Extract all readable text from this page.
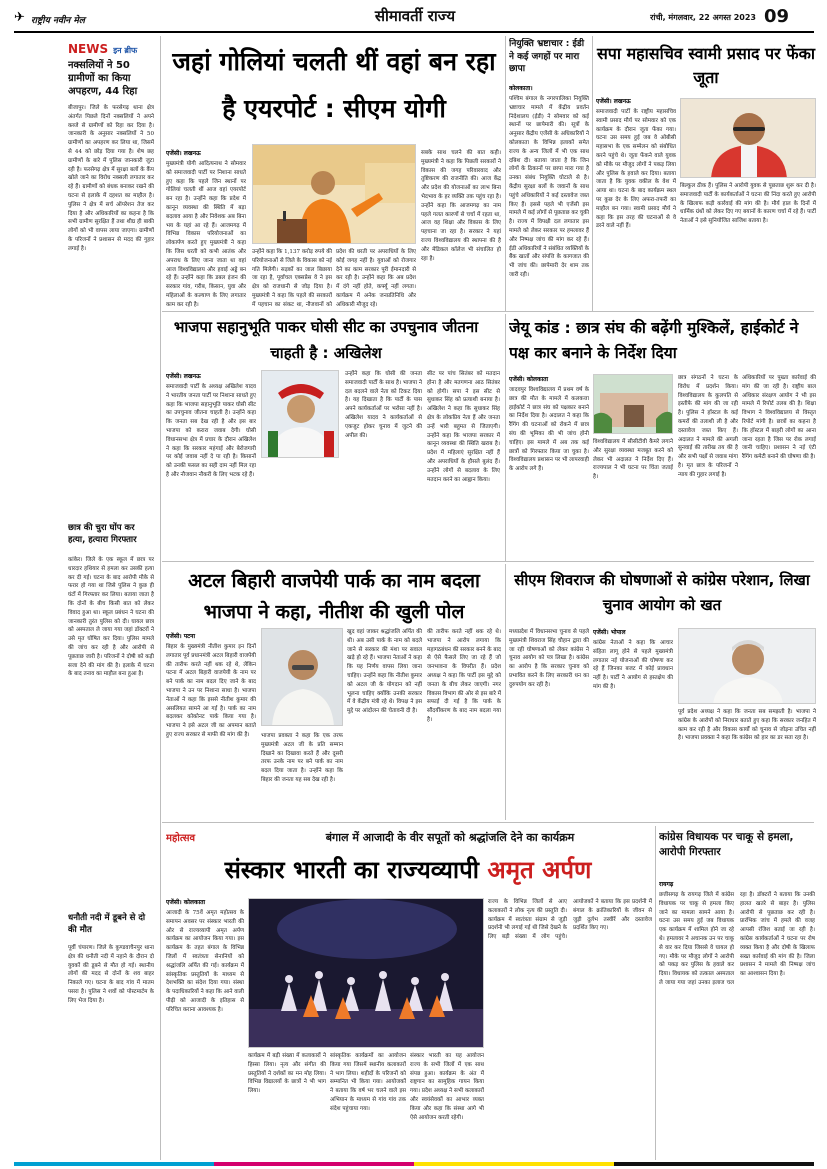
✈ राष्ट्रीय नवीन मेल	सीमावर्ती राज्य	रांची, मंगलवार, 22 अगस्त 2023 09
NEWS इन ब्रीफ
नक्सलियों ने 50 ग्रामीणों का किया अपहरण, 44 रिहा
बीजापुर। जिले के फरसेगढ़ थाना क्षेत्र अंतर्गत पिछले दिनों नक्सलियों ने अपने कब्जे से ग्रामीणों को रिहा कर दिया है। जानकारी के अनुसार नक्सलियों ने 50 ग्रामीणों का अपहरण कर लिया था, जिसमें से 44 को छोड़ दिया गया है। शेष छह ग्रामीणों के बारे में पुलिस जानकारी जुटा रही है। फरसेगढ़ क्षेत्र में सुरक्षा बलों के कैंप खोले जाने का विरोध नक्सली लगातार कर रहे हैं। ग्रामीणों को बंधक बनाकर रखने की घटना से इलाके में दहशत का माहौल है। पुलिस ने क्षेत्र में सर्च ऑपरेशन तेज कर दिया है और अधिकारियों का कहना है कि सभी ग्रामीण सुरक्षित हैं तथा शीघ्र ही बाकी लोगों को भी वापस लाया जाएगा। ग्रामीणों के परिजनों ने प्रशासन से मदद की गुहार लगाई है।
छात्र की चुरा घोंप कर हत्या, हत्यारा गिरफ्तार
कांकेर। जिले के एक स्कूल में छात्र पर धारदार हथियार से हमला कर उसकी हत्या कर दी गई। घटना के बाद आरोपी मौके से फरार हो गया था जिसे पुलिस ने कुछ ही घंटों में गिरफ्तार कर लिया। बताया जाता है कि दोनों के बीच किसी बात को लेकर विवाद हुआ था। स्कूल प्रबंधन ने घटना की जानकारी तुरंत पुलिस को दी। घायल छात्र को अस्पताल ले जाया गया जहां डॉक्टरों ने उसे मृत घोषित कर दिया। पुलिस मामले की जांच कर रही है और आरोपी से पूछताछ जारी है। परिजनों ने दोषी को कड़ी सजा देने की मांग की है। इलाके में घटना के बाद तनाव का माहौल बना हुआ है।
धनौती नदी में डूबने से दो की मौत
पूर्वी चंपारण। जिले के कुण्डवाचैनपुर थाना क्षेत्र की धनौती नदी में नहाने के दौरान दो युवकों की डूबने से मौत हो गई। स्थानीय लोगों की मदद से दोनों के शव बाहर निकाले गए। घटना के बाद गांव में मातम पसरा है। पुलिस ने शवों को पोस्टमार्टम के लिए भेज दिया है।
जहां गोलियां चलती थीं वहां बन रहा है एयरपोर्ट : सीएम योगी
एजेंसी। लखनऊ
मुख्यमंत्री योगी आदित्यनाथ ने सोमवार को समाजवादी पार्टी पर निशाना साधते हुए कहा कि पहले जिन स्थानों पर गोलियां चलती थीं आज वहां एयरपोर्ट बन रहा है। उन्होंने कहा कि प्रदेश में कानून व्यवस्था की स्थिति में बड़ा बदलाव आया है और निवेशक अब बिना भय के यहां आ रहे हैं। आजमगढ़ में विभिन्न विकास परियोजनाओं का लोकार्पण करते हुए मुख्यमंत्री ने कहा कि जिस धरती को कभी आतंक और अपराध के लिए जाना जाता था वहां आज विश्वविद्यालय और हवाई अड्डे बन रहे हैं। उन्होंने कहा कि डबल इंजन की सरकार गांव, गरीब, किसान, युवा और महिलाओं के कल्याण के लिए लगातार काम कर रही है।
उन्होंने कहा कि 1,137 करोड़ रुपये की परियोजनाओं से जिले के विकास को नई गति मिलेगी। सड़कों का जाल बिछाया जा रहा है, पूर्वांचल एक्सप्रेस वे ने इस क्षेत्र को राजधानी से जोड़ दिया है। मुख्यमंत्री ने कहा कि पहले की सरकारों में पहचान का संकट था, नौजवानों को
प्रदेश की धरती पर अपराधियों के लिए कोई जगह नहीं है। युवाओं को रोजगार देने का काम सरकार पूरी ईमानदारी से कर रही है। उन्होंने कहा कि अब प्रदेश में दंगे नहीं होते, कर्फ्यू नहीं लगता। कार्यक्रम में अनेक जनप्रतिनिधि और अधिकारी मौजूद रहे।
सबके साथ चलने की बात कही। मुख्यमंत्री ने कहा कि पिछली सरकारों ने विकास की जगह परिवारवाद और तुष्टिकरण की राजनीति की। आज केंद्र और प्रदेश की योजनाओं का लाभ बिना भेदभाव के हर व्यक्ति तक पहुंच रहा है। उन्होंने कहा कि आजमगढ़ का नाम पहले गलत कारणों से चर्चा में रहता था, आज वह शिक्षा और विकास के लिए पहचाना जा रहा है। सरकार ने यहां राज्य विश्वविद्यालय की स्थापना की है और मेडिकल कॉलेज भी संचालित हो रहा है।
नियुक्ति भ्रष्टाचार : ईडी ने कई जगहों पर मारा छापा
कोलकाता।
पश्चिम बंगाल के नगरपालिका नियुक्ति भ्रष्टाचार मामले में केंद्रीय प्रवर्तन निदेशालय (ईडी) ने सोमवार को कई स्थानों पर छापेमारी की। सूत्रों के अनुसार केंद्रीय एजेंसी के अधिकारियों ने कोलकाता के विभिन्न इलाकों समेत राज्य के अन्य जिलों में भी एक साथ दबिश दी। बताया जाता है कि जिन लोगों के ठिकानों पर छापा मारा गया है उनका संबंध नियुक्ति घोटाले से है। केंद्रीय सुरक्षा बलों के जवानों के साथ पहुंचे अधिकारियों ने कई दस्तावेज जब्त किए हैं। इससे पहले भी एजेंसी इस मामले में कई लोगों से पूछताछ कर चुकी है। राज्य में विपक्षी दल लगातार इस मामले को लेकर सरकार पर हमलावर हैं और निष्पक्ष जांच की मांग कर रहे हैं। ईडी अधिकारियों ने संबंधित व्यक्तियों के बैंक खातों और संपत्ति के कागजात की भी जांच की। छापेमारी देर शाम तक जारी रही।
सपा महासचिव स्वामी प्रसाद पर फेंका जूता
एजेंसी। लखनऊ
समाजवादी पार्टी के राष्ट्रीय महासचिव स्वामी प्रसाद मौर्य पर सोमवार को एक कार्यक्रम के दौरान जूता फेंका गया। घटना उस समय हुई जब वे ओबीसी महासभा के एक सम्मेलन को संबोधित करने पहुंचे थे। जूता फेंकने वाले युवक को मौके पर मौजूद लोगों ने पकड़ लिया और पुलिस के हवाले कर दिया। बताया जाता है कि युवक वकील के वेश में आया था। घटना के बाद कार्यक्रम स्थल पर कुछ देर के लिए अफरा-तफरी का माहौल बन गया। स्वामी प्रसाद मौर्य ने कहा कि इस तरह की घटनाओं से वे डरने वाले नहीं हैं।
बिल्कुल ठीक हैं। पुलिस ने आरोपी युवक से पूछताछ शुरू कर दी है। समाजवादी पार्टी के कार्यकर्ताओं ने घटना की निंदा करते हुए आरोपी के खिलाफ कड़ी कार्रवाई की मांग की है। मौर्य हाल के दिनों में धार्मिक ग्रंथों को लेकर दिए गए बयानों के कारण चर्चा में रहे हैं। पार्टी नेताओं ने इसे सुनियोजित साजिश बताया है।
भाजपा सहानुभूति पाकर घोसी सीट का उपचुनाव जीतना चाहती है : अखिलेश
एजेंसी। लखनऊ
समाजवादी पार्टी के अध्यक्ष अखिलेश यादव ने भारतीय जनता पार्टी पर निशाना साधते हुए कहा कि भाजपा सहानुभूति पाकर घोसी सीट का उपचुनाव जीतना चाहती है। उन्होंने कहा कि जनता सब देख रही है और इस बार भाजपा को करारा जवाब देगी। घोसी विधानसभा क्षेत्र में प्रचार के दौरान अखिलेश ने कहा कि सरकार महंगाई और बेरोजगारी पर कोई जवाब नहीं दे पा रही है। किसानों को उनकी फसल का सही दाम नहीं मिल रहा है और नौजवान नौकरी के लिए भटक रहे हैं।
उन्होंने कहा कि घोसी की जनता समाजवादी पार्टी के साथ है। भाजपा ने दल बदलने वाले नेता को टिकट दिया है। यह दिखाता है कि पार्टी के पास अपने कार्यकर्ताओं पर भरोसा नहीं है। अखिलेश यादव ने कार्यकर्ताओं से एकजुट होकर चुनाव में जुटने की अपील की।
सीट पर पांच सितंबर को मतदान होना है और मतगणना आठ सितंबर को होगी। सपा ने इस सीट से सुधाकर सिंह को प्रत्याशी बनाया है। अखिलेश ने कहा कि सुधाकर सिंह क्षेत्र के लोकप्रिय नेता हैं और जनता उन्हें भारी बहुमत से जिताएगी। उन्होंने कहा कि भाजपा सरकार में कानून व्यवस्था की स्थिति खराब है। प्रदेश में महिलाएं सुरक्षित नहीं हैं और अपराधियों के हौसले बुलंद हैं। उन्होंने लोगों से बदलाव के लिए मतदान करने का आह्वान किया।
जेयू कांड : छात्र संघ की बढ़ेंगी मुश्किलें, हाईकोर्ट ने पक्ष कार बनाने के निर्देश दिया
एजेंसी। कोलकाता
जादवपुर विश्वविद्यालय में प्रथम वर्ष के छात्र की मौत के मामले में कलकत्ता हाईकोर्ट ने छात्र संघ को पक्षकार बनाने का निर्देश दिया है। अदालत ने कहा कि रैगिंग की घटनाओं को रोकने में छात्र संघ की भूमिका की भी जांच होनी चाहिए। इस मामले में अब तक कई छात्रों को गिरफ्तार किया जा चुका है। विश्वविद्यालय प्रशासन पर भी लापरवाही के आरोप लगे हैं।
विश्वविद्यालय में सीसीटीवी कैमरे लगाने और सुरक्षा व्यवस्था मजबूत करने को लेकर भी अदालत ने निर्देश दिए हैं। राज्यपाल ने भी घटना पर चिंता जताई है।
छात्र संगठनों ने घटना के विरोध में प्रदर्शन किया। विश्वविद्यालय के कुलपति से इस्तीफे की मांग की जा रही है। पुलिस ने हॉस्टल के कई कमरों की तलाशी ली है और दस्तावेज जब्त किए हैं। अदालत ने मामले की अगली सुनवाई की तारीख तय की है और सभी पक्षों से जवाब मांगा है। मृत छात्र के परिजनों ने न्याय की गुहार लगाई है।
अधिकारियों पर पुख्ता कार्रवाई की मांग की जा रही है। राष्ट्रीय बाल अधिकार संरक्षण आयोग ने भी इस मामले में रिपोर्ट तलब की है। शिक्षा विभाग ने विश्वविद्यालय से विस्तृत रिपोर्ट मांगी है। छात्रों का कहना है कि हॉस्टल में बाहरी लोगों का आना जाना रहता है जिस पर रोक लगाई जानी चाहिए। प्रशासन ने नई एंटी रैगिंग कमेटी बनाने की घोषणा की है।
अटल बिहारी वाजपेयी पार्क का नाम बदला भाजपा ने कहा, नीतीश की खुली पोल
एजेंसी। पटना
बिहार के मुख्यमंत्री नीतीश कुमार इन दिनों लगातार पूर्व प्रधानमंत्री अटल बिहारी वाजपेयी की तारीफ करते नहीं थक रहे थे, लेकिन पटना में अटल बिहारी वाजपेयी के नाम पर बने पार्क का नाम बदल दिए जाने के बाद भाजपा ने उन पर निशाना साधा है। भाजपा नेताओं ने कहा कि इससे नीतीश कुमार की असलियत सामने आ गई है। पार्क का नाम बदलकर कोकोनट पार्क किया गया है। भाजपा ने इसे अटल जी का अपमान बताते हुए राज्य सरकार से माफी की मांग की है।	भाजपा प्रवक्ता ने कहा कि एक तरफ मुख्यमंत्री अटल जी के प्रति सम्मान दिखाने का दिखावा करते हैं और दूसरी तरफ उनके नाम पर बने पार्क का नाम बदल दिया जाता है। उन्होंने कहा कि बिहार की जनता यह सब देख रही है।
खुद वहां जाकर श्रद्धांजलि अर्पित की थी। अब उसी पार्क के नाम को बदले जाने से सरकार की मंशा पर सवाल खड़े हो रहे हैं। भाजपा नेताओं ने कहा कि यह निर्णय वापस लिया जाना चाहिए। उन्होंने कहा कि नीतीश कुमार को अटल जी के योगदान को नहीं भूलना चाहिए क्योंकि उनकी सरकार में वे केंद्रीय मंत्री रहे थे। विपक्ष ने इस मुद्दे पर आंदोलन की चेतावनी दी है।
की तारीफ करते नहीं थक रहे थे। भाजपा ने आरोप लगाया कि महागठबंधन की सरकार बनने के बाद से ऐसे फैसले लिए जा रहे हैं जो जनभावना के विपरीत हैं। प्रदेश अध्यक्ष ने कहा कि पार्टी इस मुद्दे को जनता के बीच लेकर जाएगी। नगर विकास विभाग की ओर से इस बारे में सफाई दी गई है कि पार्क के सौंदर्यीकरण के बाद नाम बदला गया है।
सीएम शिवराज की घोषणाओं से कांग्रेस परेशान, लिखा चुनाव आयोग को खत
एजेंसी। भोपाल
मध्यप्रदेश में विधानसभा चुनाव से पहले मुख्यमंत्री शिवराज सिंह चौहान द्वारा की जा रही घोषणाओं को लेकर कांग्रेस ने चुनाव आयोग को पत्र लिखा है। कांग्रेस का आरोप है कि सरकार चुनाव को प्रभावित करने के लिए सरकारी धन का दुरुपयोग कर रही है।
कांग्रेस नेताओं ने कहा कि आचार संहिता लागू होने से पहले मुख्यमंत्री लगातार नई योजनाओं की घोषणा कर रहे हैं जिनका बजट में कोई प्रावधान नहीं है। पार्टी ने आयोग से हस्तक्षेप की मांग की है।
पूर्व प्रदेश अध्यक्ष ने कहा कि जनता सब समझती है। भाजपा ने कांग्रेस के आरोपों को निराधार बताते हुए कहा कि सरकार जनहित में काम कर रही है और विकास कार्यों को चुनाव से जोड़ना उचित नहीं है। भाजपा प्रवक्ता ने कहा कि कांग्रेस को हार का डर सता रहा है।
महोत्सव	बंगाल में आजादी के वीर सपूतों को श्रद्धांजलि देने का कार्यक्रम
संस्कार भारती का राज्यव्यापी अमृत अर्पण
एजेंसी। कोलकाता
आजादी के 75वें अमृत महोत्सव के समापन अवसर पर संस्कार भारती की ओर से राज्यव्यापी अमृत अर्पण कार्यक्रम का आयोजन किया गया। इस कार्यक्रम के तहत बंगाल के विभिन्न जिलों में स्वतंत्रता सेनानियों को श्रद्धांजलि अर्पित की गई। कार्यक्रम में सांस्कृतिक प्रस्तुतियों के माध्यम से देशभक्ति का संदेश दिया गया। संस्था के पदाधिकारियों ने कहा कि आने वाली पीढ़ी को आजादी के इतिहास से परिचित कराना आवश्यक है।
कार्यक्रम में बड़ी संख्या में कलाकारों ने हिस्सा लिया। नृत्य और संगीत की प्रस्तुतियों ने दर्शकों का मन मोह लिया। विभिन्न विद्यालयों के छात्रों ने भी भाग लिया।
सांस्कृतिक कार्यक्रमों का आयोजन किया गया जिसमें स्थानीय कलाकारों ने भाग लिया। शहीदों के परिजनों को सम्मानित भी किया गया। आयोजकों ने बताया कि वर्ष भर चलने वाले इस अभियान के माध्यम से गांव गांव तक संदेश पहुंचाया गया।
संस्कार भारती का यह आयोजन राज्य के सभी जिलों में एक साथ संपन्न हुआ। कार्यक्रम के अंत में राष्ट्रगान का सामूहिक गायन किया गया। प्रदेश अध्यक्ष ने सभी कलाकारों और स्वयंसेवकों का आभार व्यक्त किया और कहा कि संस्था आगे भी ऐसे आयोजन करती रहेगी।
राज्य के विभिन्न जिलों से आए कलाकारों ने लोक नृत्य की प्रस्तुति दी। कार्यक्रम में स्वतंत्रता संग्राम से जुड़ी प्रदर्शनी भी लगाई गई थी जिसे देखने के लिए बड़ी संख्या में लोग पहुंचे। आयोजकों ने बताया कि इस प्रदर्शनी में बंगाल के क्रांतिकारियों के जीवन से जुड़ी दुर्लभ तस्वीरें और दस्तावेज प्रदर्शित किए गए।
कांग्रेस विधायक पर चाकू से हमला, आरोपी गिरफ्तार
रायगढ़
छत्तीसगढ़ के रायगढ़ जिले में कांग्रेस विधायक पर चाकू से हमला किए जाने का मामला सामने आया है। घटना उस समय हुई जब विधायक एक कार्यक्रम में शामिल होने जा रहे थे। हमलावर ने अचानक उन पर चाकू से वार कर दिया जिससे वे घायल हो गए। मौके पर मौजूद लोगों ने आरोपी को पकड़ कर पुलिस के हवाले कर दिया। विधायक को तत्काल अस्पताल ले जाया गया जहां उनका इलाज चल रहा है। डॉक्टरों ने बताया कि उनकी हालत खतरे से बाहर है। पुलिस आरोपी से पूछताछ कर रही है। प्रारंभिक जांच में हमले की वजह आपसी रंजिश बताई जा रही है। कांग्रेस कार्यकर्ताओं ने घटना पर रोष व्यक्त किया है और दोषी के खिलाफ सख्त कार्रवाई की मांग की है। जिला प्रशासन ने मामले की निष्पक्ष जांच का आश्वासन दिया है।
